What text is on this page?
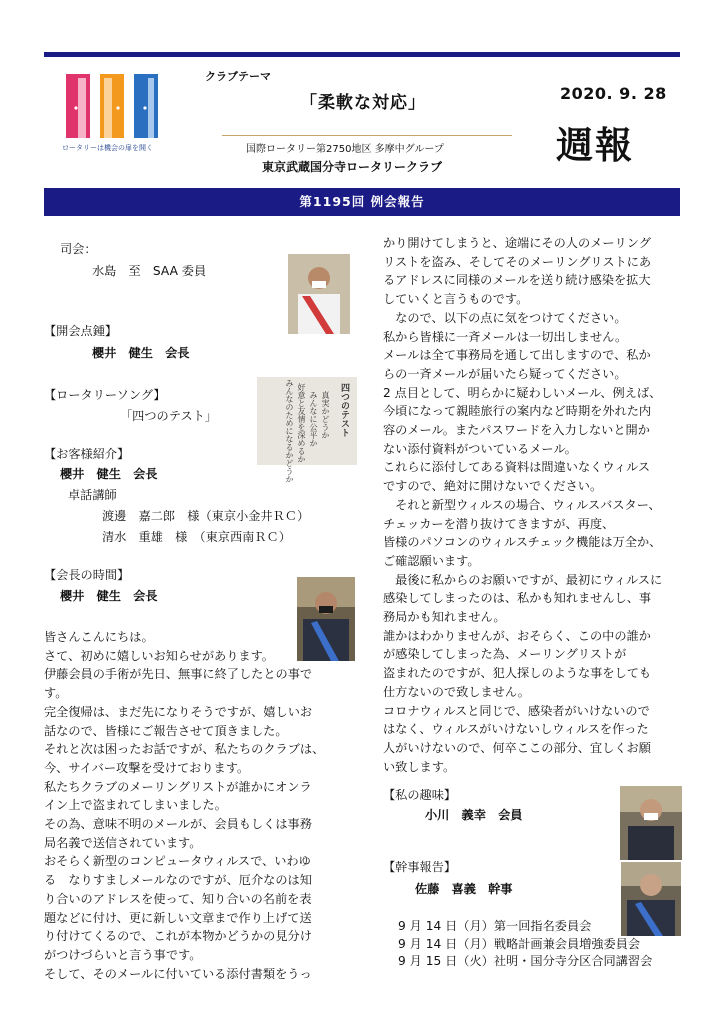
ロータリーは機会の扉を開く
クラブテーマ
「柔軟な対応」	2020. 9. 28
週報
国際ロータリー第2750地区 多摩中グループ
東京武蔵国分寺ロータリークラブ
第1195回 例会報告
司会：
水島　至　SAA 委員
【開会点鍾】
櫻井　健生　会長
【ロータリーソング】
「四つのテスト」	四つのテスト
真実かどうか
みんなに公平か
好意と友情を深めるか
みんなのためになるかどうか
【お客様紹介】
櫻井　健生　会長
卓話講師
渡邊　嘉二郎　様（東京小金井ＲＣ）
清水　重雄　様　（東京西南ＲＣ）
【会長の時間】
櫻井　健生　会長
皆さんこんにちは。
さて、初めに嬉しいお知らせがあります。
伊藤会員の手術が先日、無事に終了したとの事で
す。
完全復帰は、まだ先になりそうですが、嬉しいお
話なので、皆様にご報告させて頂きました。
それと次は困ったお話ですが、私たちのクラブは、
今、サイバー攻撃を受けております。
私たちクラブのメーリングリストが誰かにオンラ
イン上で盗まれてしまいました。
その為、意味不明のメールが、会員もしくは事務
局名義で送信されています。
おそらく新型のコンピュータウィルスで、いわゆ
る　なりすましメールなのですが、厄介なのは知
り合いのアドレスを使って、知り合いの名前を表
題などに付け、更に新しい文章まで作り上げて送
り付けてくるので、これが本物かどうかの見分け
がつけづらいと言う事です。
そして、そのメールに付いている添付書類をうっ
かり開けてしまうと、途端にその人のメーリング
リストを盗み、そしてそのメーリングリストにあ
るアドレスに同様のメールを送り続け感染を拡大
していくと言うものです。
　なので、以下の点に気をつけてください。
私から皆様に一斉メールは一切出しません。
メールは全て事務局を通して出しますので、私か
らの一斉メールが届いたら疑ってください。
2 点目として、明らかに疑わしいメール、例えば、
今頃になって親睦旅行の案内など時期を外れた内
容のメール。またパスワードを入力しないと開か
ない添付資料がついているメール。
これらに添付してある資料は間違いなくウィルス
ですので、絶対に開けないでください。
　それと新型ウィルスの場合、ウィルスバスター、
チェッカーを潜り抜けてきますが、再度、
皆様のパソコンのウィルスチェック機能は万全か、
ご確認願います。
　最後に私からのお願いですが、最初にウィルスに
感染してしまったのは、私かも知れませんし、事
務局かも知れません。
誰かはわかりませんが、おそらく、この中の誰か
が感染してしまった為、メーリングリストが
盗まれたのですが、犯人探しのような事をしても
仕方ないので致しません。
コロナウィルスと同じで、感染者がいけないので
はなく、ウィルスがいけないしウィルスを作った
人がいけないので、何卒ここの部分、宜しくお願
い致します。
【私の趣味】
小川　義幸　会員
【幹事報告】
佐藤　喜義　幹事
9 月 14 日（月）第一回指名委員会
9 月 14 日（月）戦略計画兼会員増強委員会
9 月 15 日（火）社明・国分寺分区合同講習会
